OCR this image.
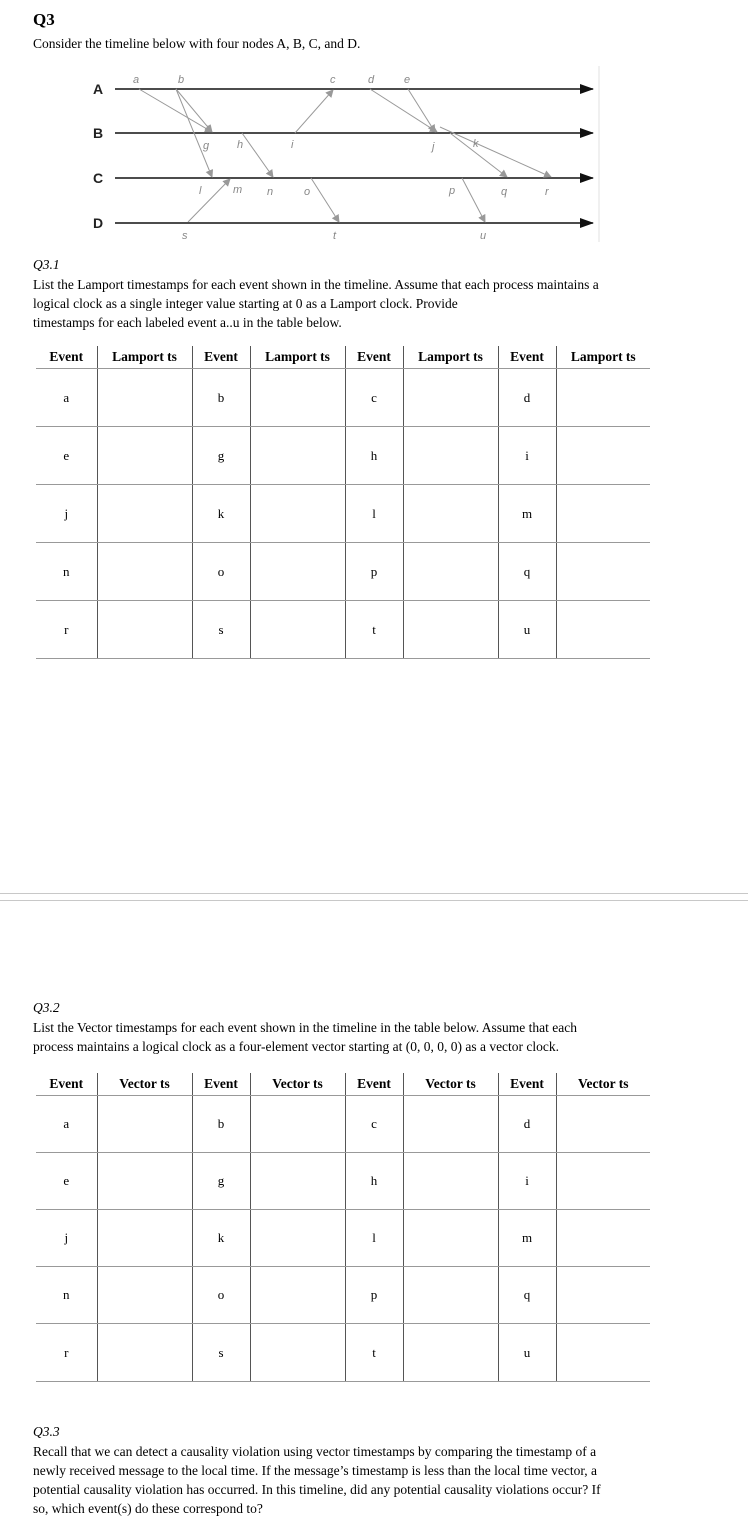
Q3
Consider the timeline below with four nodes A, B, C, and D.
A
B
C
D
a	b	c	d	e
g	h	i	j	k
l	m n	o	p	q	r
s	t	u
Q3.1
List the Lamport timestamps for each event shown in the timeline. Assume that each process maintains a
logical clock as a single integer value starting at 0 as a Lamport clock. Provide
timestamps for each labeled event a..u in the table below.
Event	Lamport ts	Event	Lamport ts	Event	Lamport ts	Event	Lamport ts
a		b		c		d	
e		g		h		i	
j		k		l		m	
n		o		p		q	
r		s		t		u	
Q3.2
List the Vector timestamps for each event shown in the timeline in the table below. Assume that each
process maintains a logical clock as a four-element vector starting at (0, 0, 0, 0) as a vector clock.
Event	Vector ts	Event	Vector ts	Event	Vector ts	Event	Vector ts
a		b		c		d	
e		g		h		i	
j		k		l		m	
n		o		p		q	
r		s		t		u	
Q3.3
Recall that we can detect a causality violation using vector timestamps by comparing the timestamp of a
newly received message to the local time. If the message’s timestamp is less than the local time vector, a
potential causality violation has occurred. In this timeline, did any potential causality violations occur? If
so, which event(s) do these correspond to?
